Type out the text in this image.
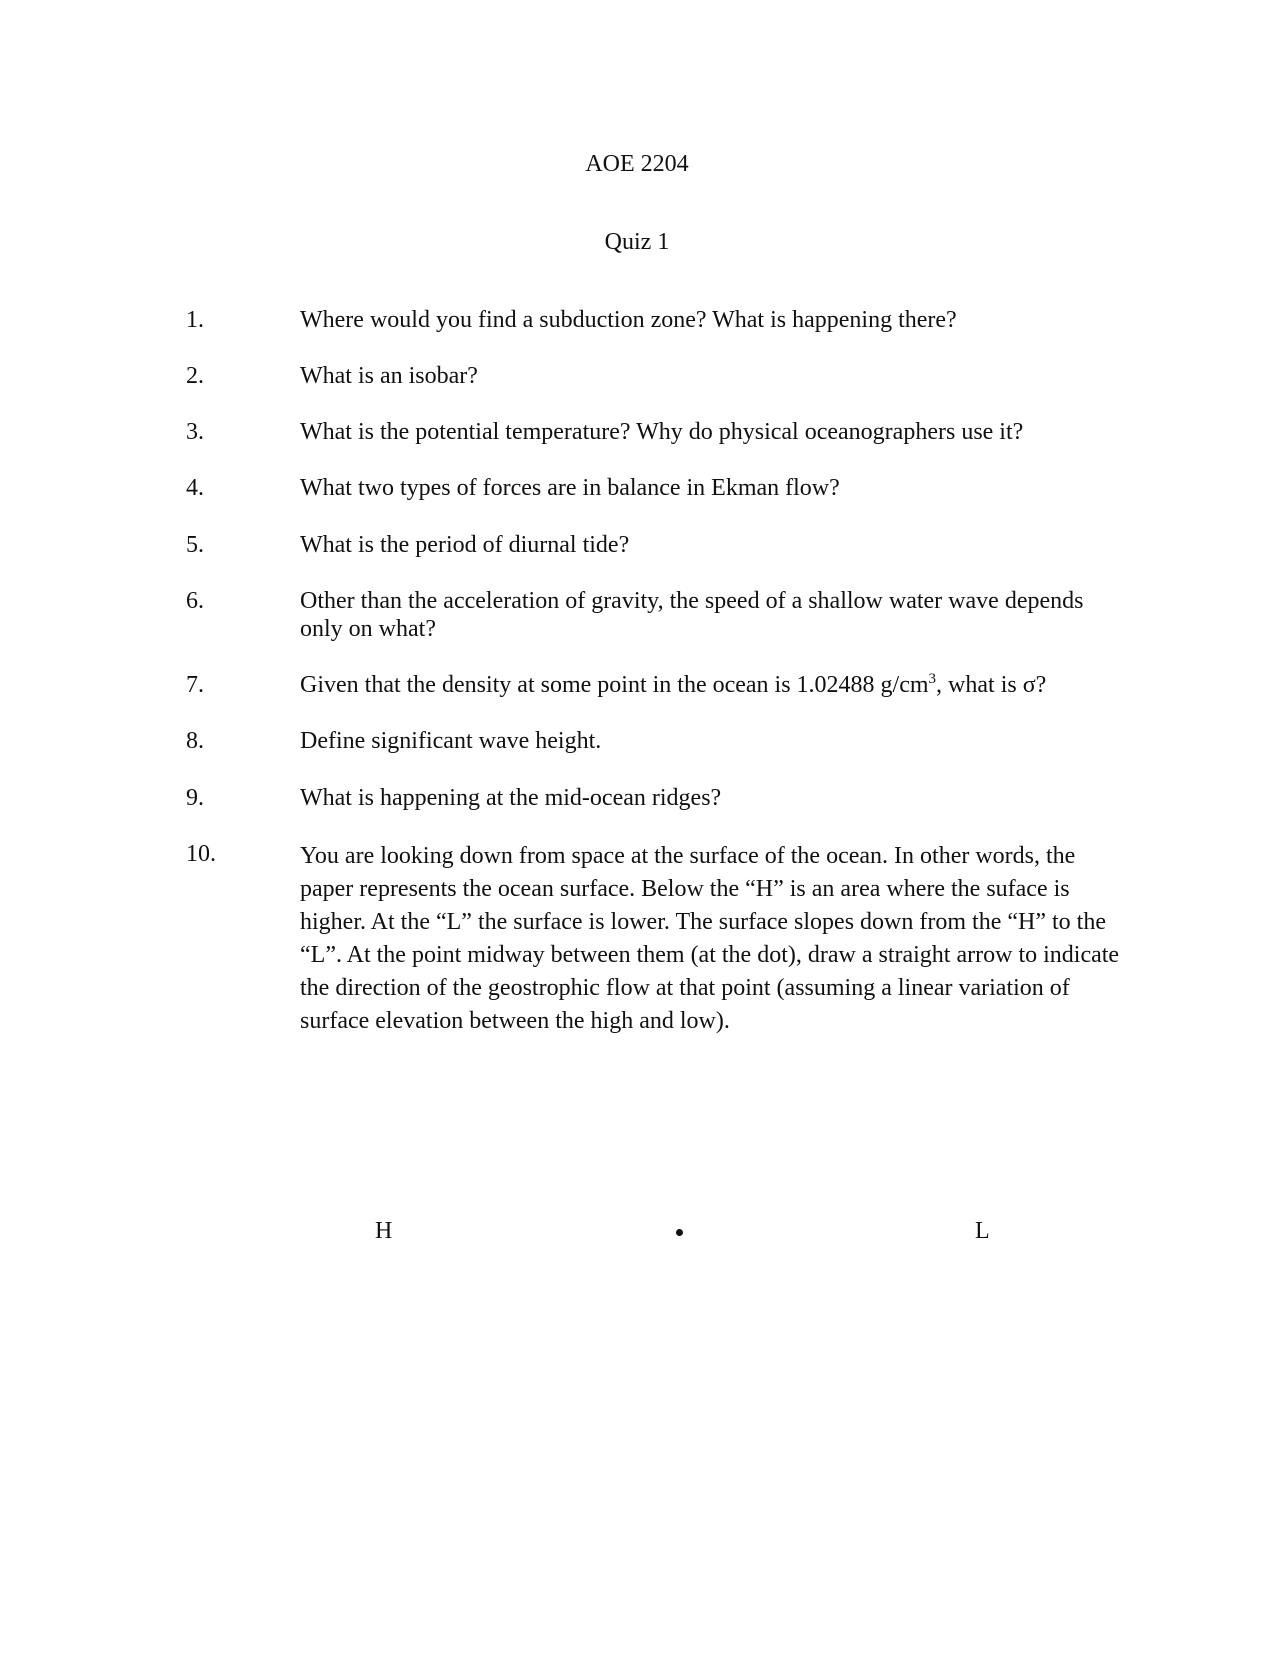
AOE 2204
Quiz 1
1.	Where would you find a subduction zone? What is happening there?
2.	What is an isobar?
3.	What is the potential temperature? Why do physical oceanographers use it?
4.	What two types of forces are in balance in Ekman flow?
5.	What is the period of diurnal tide?
6.	Other than the acceleration of gravity, the speed of a shallow water wave depends only on what?
7.	Given that the density at some point in the ocean is 1.02488 $g/cm^3$, what is σ?
8.	Define significant wave height.
9.	What is happening at the mid-ocean ridges?
10.	You are looking down from space at the surface of the ocean. In other words, the paper represents the ocean surface. Below the “H” is an area where the suface is higher. At the “L” the surface is lower. The surface slopes down from the “H” to the “L”. At the point midway between them (at the dot), draw a straight arrow to indicate the direction of the geostrophic flow at that point (assuming a linear variation of surface elevation between the high and low).
H	L
